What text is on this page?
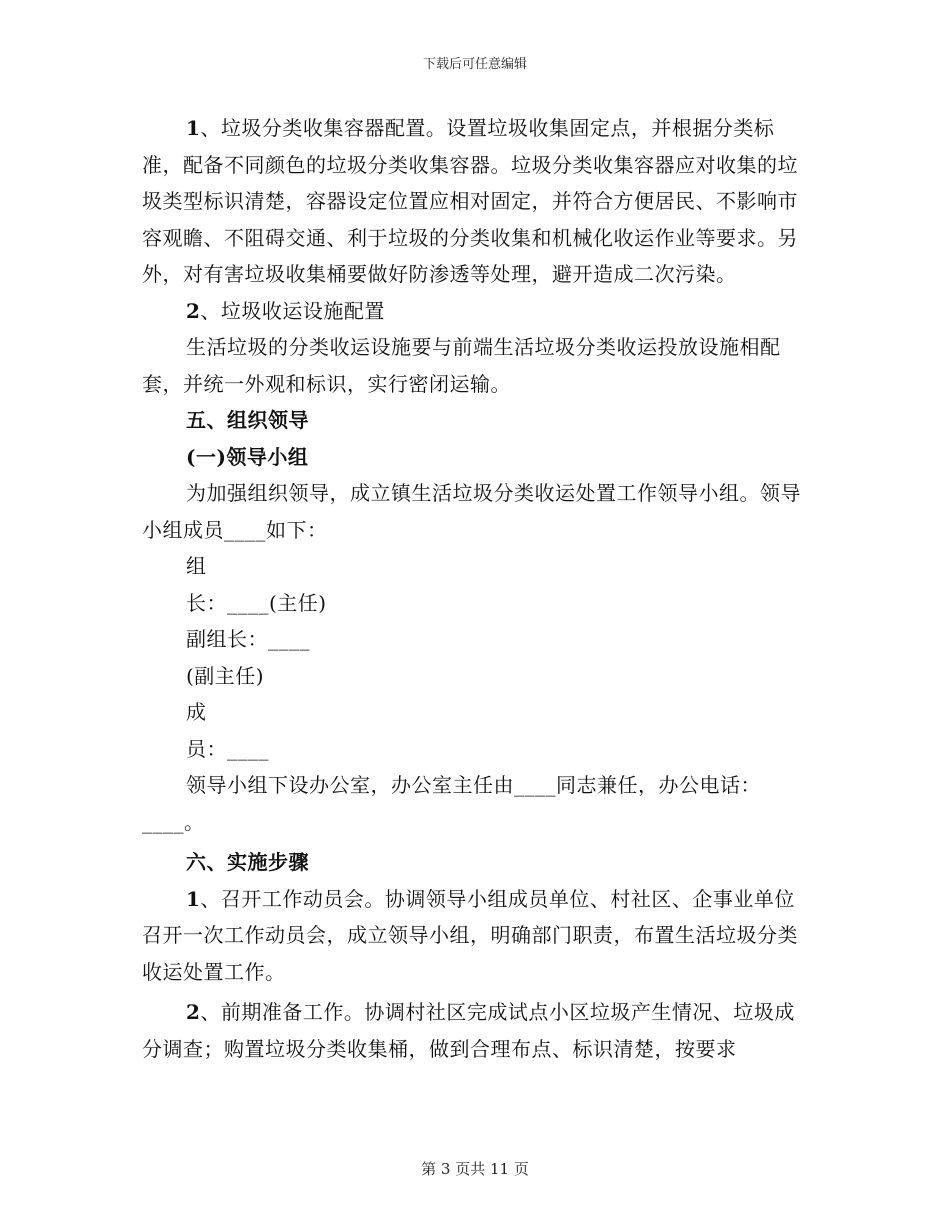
下载后可任意编辑

1、垃圾分类收集容器配置。设置垃圾收集固定点，并根据分类标准，配备不同颜色的垃圾分类收集容器。垃圾分类收集容器应对收集的垃圾类型标识清楚，容器设定位置应相对固定，并符合方便居民、不影响市容观瞻、不阻碍交通、利于垃圾的分类收集和机械化收运作业等要求。另外，对有害垃圾收集桶要做好防渗透等处理，避开造成二次污染。

2、垃圾收运设施配置

生活垃圾的分类收运设施要与前端生活垃圾分类收运投放设施相配套，并统一外观和标识，实行密闭运输。

五、组织领导

(一)领导小组

为加强组织领导，成立镇生活垃圾分类收运处置工作领导小组。领导小组成员____如下：

组

长：____(主任)

副组长：____

(副主任)

成

员：____

领导小组下设办公室，办公室主任由____同志兼任，办公电话：____。

六、实施步骤

1、召开工作动员会。协调领导小组成员单位、村社区、企事业单位召开一次工作动员会，成立领导小组，明确部门职责，布置生活垃圾分类收运处置工作。

2、前期准备工作。协调村社区完成试点小区垃圾产生情况、垃圾成分调查；购置垃圾分类收集桶，做到合理布点、标识清楚，按要求

第 3 页共 11 页
